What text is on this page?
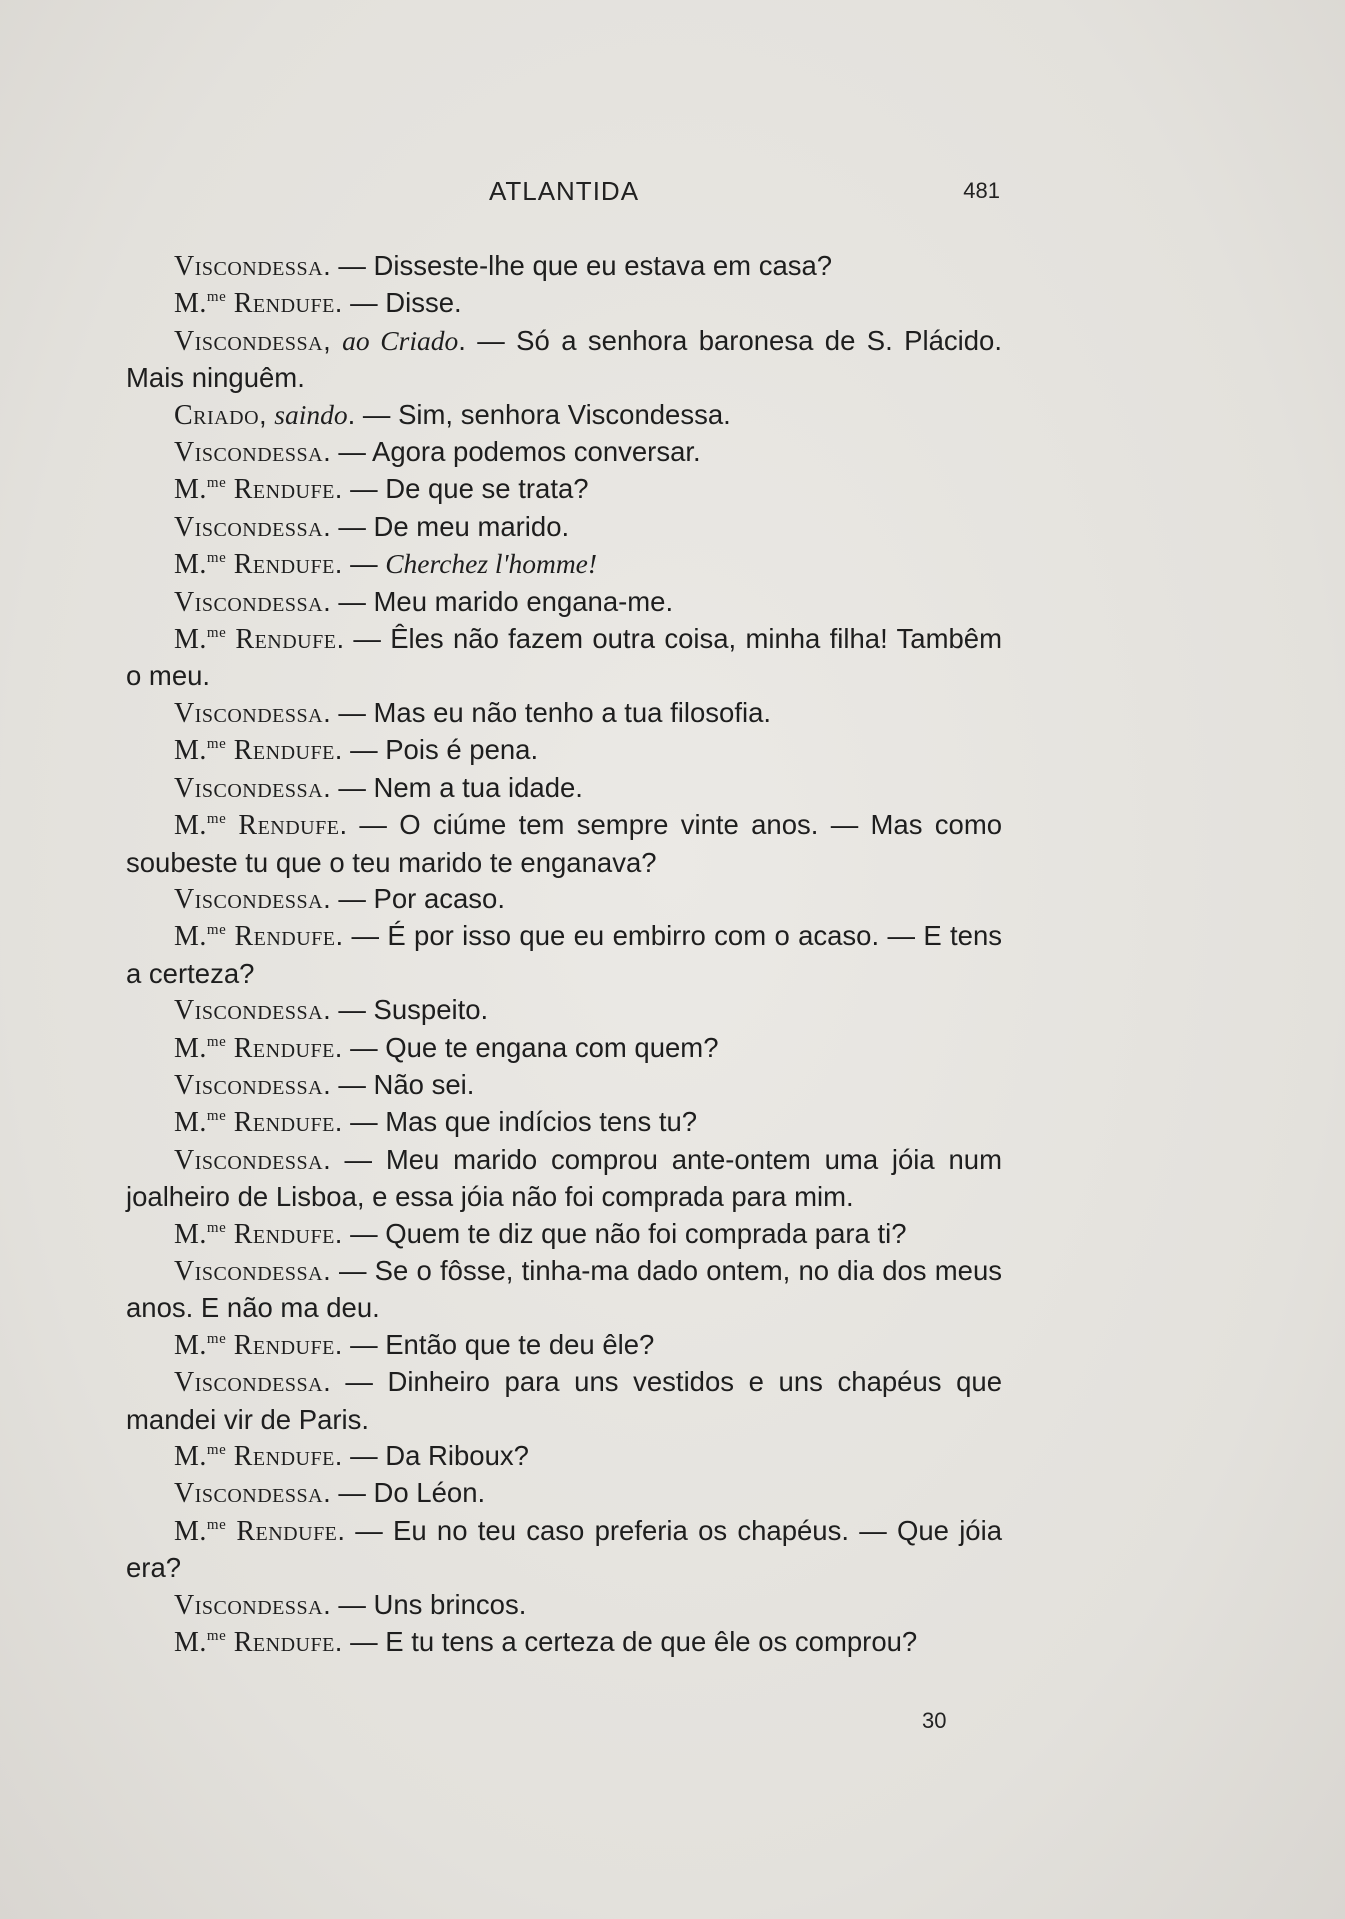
ATLANTIDA	481

Viscondessa. — Disseste-lhe que eu estava em casa?

M.$^{me}$ Rendufe. — Disse.

Viscondessa, ao Criado. — Só a senhora baronesa de S. Plácido. Mais ninguêm.

Criado, saindo. — Sim, senhora Viscondessa.

Viscondessa. — Agora podemos conversar.

M.$^{me}$ Rendufe. — De que se trata?

Viscondessa. — De meu marido.

M.$^{me}$ Rendufe. — Cherchez l'homme!

Viscondessa. — Meu marido engana-me.

M.$^{me}$ Rendufe. — Êles não fazem outra coisa, minha filha! Tambêm o meu.

Viscondessa. — Mas eu não tenho a tua filosofia.

M.$^{me}$ Rendufe. — Pois é pena.

Viscondessa. — Nem a tua idade.

M.$^{me}$ Rendufe. — O ciúme tem sempre vinte anos. — Mas como soubeste tu que o teu marido te enganava?

Viscondessa. — Por acaso.

M.$^{me}$ Rendufe. — É por isso que eu embirro com o acaso. — E tens a certeza?

Viscondessa. — Suspeito.

M.$^{me}$ Rendufe. — Que te engana com quem?

Viscondessa. — Não sei.

M.$^{me}$ Rendufe. — Mas que indícios tens tu?

Viscondessa. — Meu marido comprou ante-ontem uma jóia num joalheiro de Lisboa, e essa jóia não foi comprada para mim.

M.$^{me}$ Rendufe. — Quem te diz que não foi comprada para ti?

Viscondessa. — Se o fôsse, tinha-ma dado ontem, no dia dos meus anos. E não ma deu.

M.$^{me}$ Rendufe. — Então que te deu êle?

Viscondessa. — Dinheiro para uns vestidos e uns chapéus que mandei vir de Paris.

M.$^{me}$ Rendufe. — Da Riboux?

Viscondessa. — Do Léon.

M.$^{me}$ Rendufe. — Eu no teu caso preferia os chapéus. — Que jóia era?

Viscondessa. — Uns brincos.

M.$^{me}$ Rendufe. — E tu tens a certeza de que êle os comprou?

30
